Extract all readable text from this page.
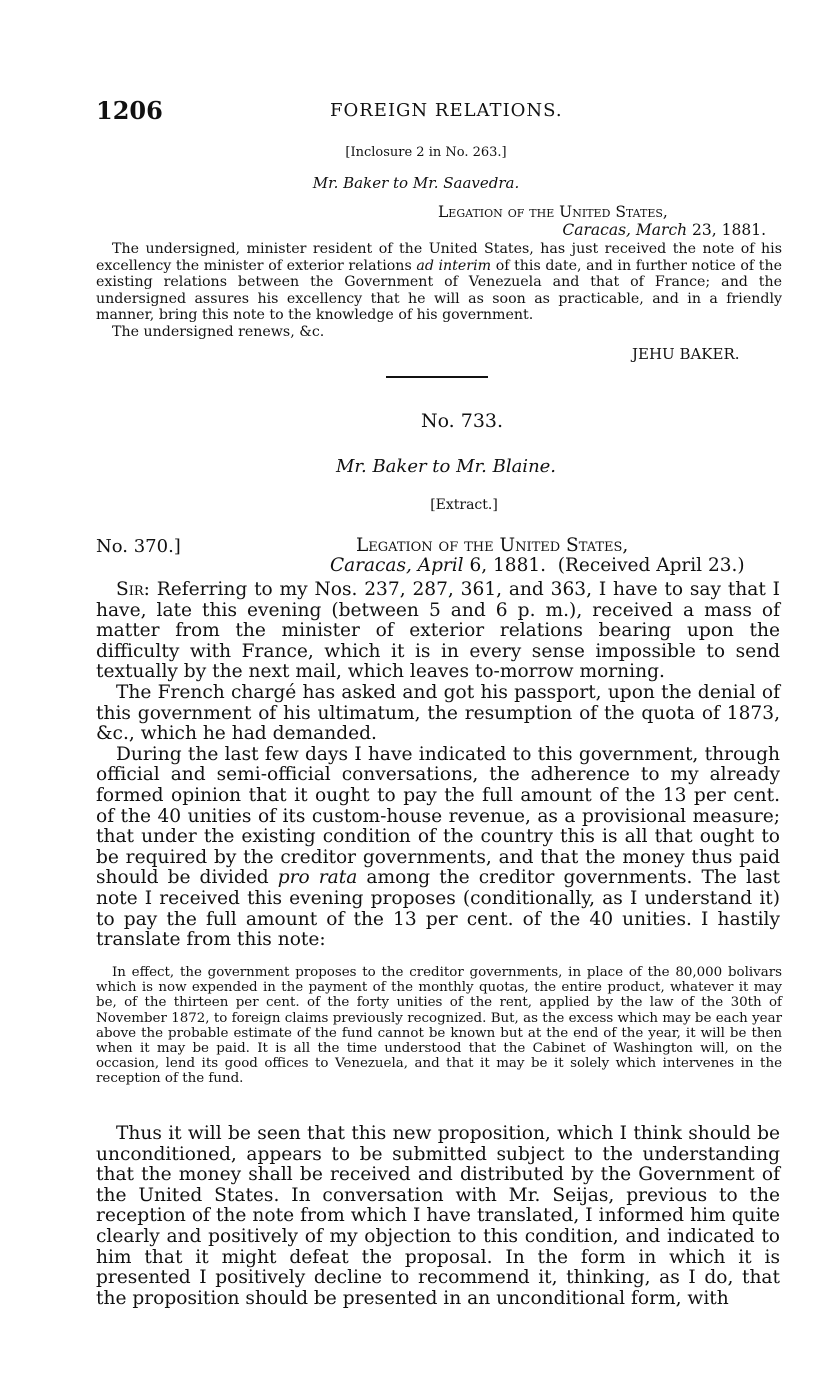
1206	FOREIGN RELATIONS.
[Inclosure 2 in No. 263.]
Mr. Baker to Mr. Saavedra.
Legation of the United States,
Caracas, March 23, 1881.

The undersigned, minister resident of the United States, has just received the note of his excellency the minister of exterior relations ad interim of this date, and in further notice of the existing relations between the Government of Venezuela and that of France; and the undersigned assures his excellency that he will as soon as practicable, and in a friendly manner, bring this note to the knowledge of his government.

The undersigned renews, &c.

JEHU BAKER.
No. 733.
Mr. Baker to Mr. Blaine.
[Extract.]
No. 370.]	Legation of the United States,
Caracas, April 6, 1881. (Received April 23.)

Sir: Referring to my Nos. 237, 287, 361, and 363, I have to say that I have, late this evening (between 5 and 6 p. m.), received a mass of matter from the minister of exterior relations bearing upon the difficulty with France, which it is in every sense impossible to send textually by the next mail, which leaves to-morrow morning.

The French chargé has asked and got his passport, upon the denial of this government of his ultimatum, the resumption of the quota of 1873, &c., which he had demanded.

During the last few days I have indicated to this government, through official and semi-official conversations, the adherence to my already formed opinion that it ought to pay the full amount of the 13 per cent. of the 40 unities of its custom-house revenue, as a provisional measure; that under the existing condition of the country this is all that ought to be required by the creditor governments, and that the money thus paid should be divided pro rata among the creditor governments. The last note I received this evening proposes (conditionally, as I understand it) to pay the full amount of the 13 per cent. of the 40 unities. I hastily translate from this note:

In effect, the government proposes to the creditor governments, in place of the 80,000 bolivars which is now expended in the payment of the monthly quotas, the entire product, whatever it may be, of the thirteen per cent. of the forty unities of the rent, applied by the law of the 30th of November 1872, to foreign claims previously recognized. But, as the excess which may be each year above the probable estimate of the fund cannot be known but at the end of the year, it will be then when it may be paid. It is all the time understood that the Cabinet of Washington will, on the occasion, lend its good offices to Venezuela, and that it may be it solely which intervenes in the reception of the fund.

Thus it will be seen that this new proposition, which I think should be unconditioned, appears to be submitted subject to the understanding that the money shall be received and distributed by the Government of the United States. In conversation with Mr. Seijas, previous to the reception of the note from which I have translated, I informed him quite clearly and positively of my objection to this condition, and indicated to him that it might defeat the proposal. In the form in which it is presented I positively decline to recommend it, thinking, as I do, that the proposition should be presented in an unconditional form, with
